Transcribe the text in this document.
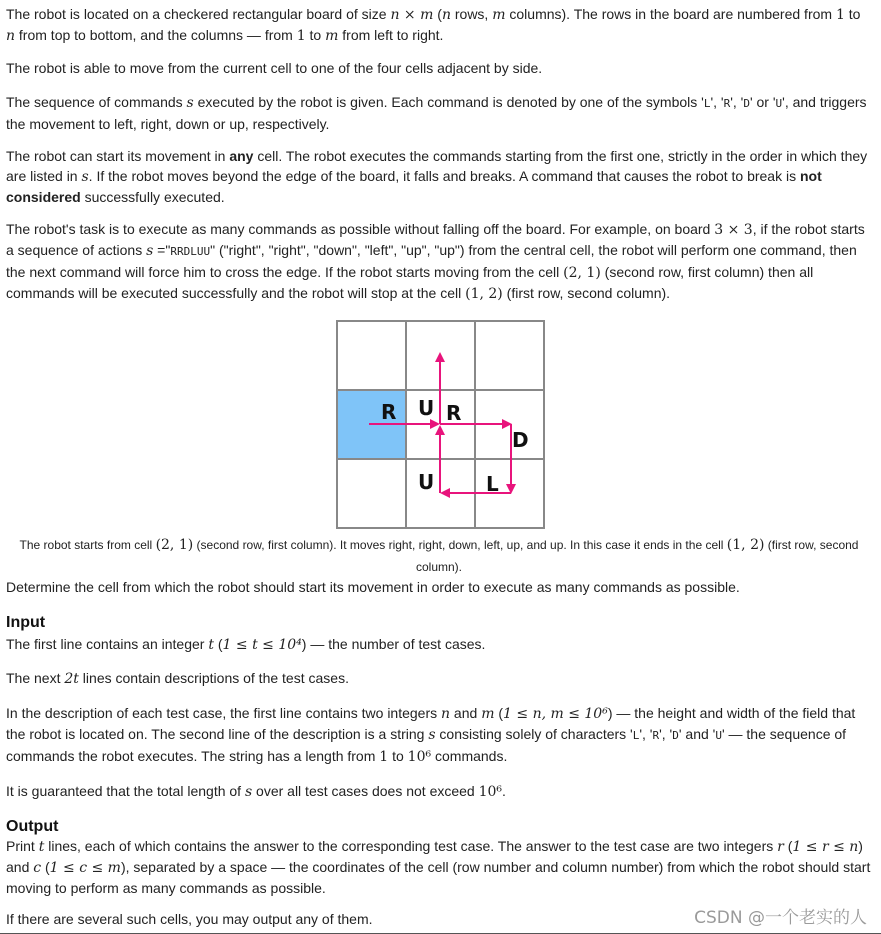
The robot is located on a checkered rectangular board of size n × m (n rows, m columns). The rows in the board are numbered from 1 to n from top to bottom, and the columns — from 1 to m from left to right.

The robot is able to move from the current cell to one of the four cells adjacent by side.

The sequence of commands s executed by the robot is given. Each command is denoted by one of the symbols 'L', 'R', 'D' or 'U', and triggers the movement to left, right, down or up, respectively.

The robot can start its movement in any cell. The robot executes the commands starting from the first one, strictly in the order in which they are listed in s. If the robot moves beyond the edge of the board, it falls and breaks. A command that causes the robot to break is not considered successfully executed.

The robot's task is to execute as many commands as possible without falling off the board. For example, on board 3 × 3, if the robot starts a sequence of actions s ="RRDLUU" ("right", "right", "down", "left", "up", "up") from the central cell, the robot will perform one command, then the next command will force him to cross the edge. If the robot starts moving from the cell (2, 1) (second row, first column) then all commands will be executed successfully and the robot will stop at the cell (1, 2) (first row, second column).

R U R
D
U	L
The robot starts from cell (2, 1) (second row, first column). It moves right, right, down, left, up, and up. In this case it ends in the cell (1, 2) (first row, second column).

Determine the cell from which the robot should start its movement in order to execute as many commands as possible.

Input

The first line contains an integer t (1 ≤ t ≤ 10⁴) — the number of test cases.

The next 2t lines contain descriptions of the test cases.

In the description of each test case, the first line contains two integers n and m (1 ≤ n, m ≤ 10⁶) — the height and width of the field that the robot is located on. The second line of the description is a string s consisting solely of characters 'L', 'R', 'D' and 'U' — the sequence of commands the robot executes. The string has a length from 1 to 10⁶ commands.

It is guaranteed that the total length of s over all test cases does not exceed 10⁶.

Output

Print t lines, each of which contains the answer to the corresponding test case. The answer to the test case are two integers r (1 ≤ r ≤ n) and c (1 ≤ c ≤ m), separated by a space — the coordinates of the cell (row number and column number) from which the robot should start moving to perform as many commands as possible.

If there are several such cells, you may output any of them.	CSDN @一个老实的人
